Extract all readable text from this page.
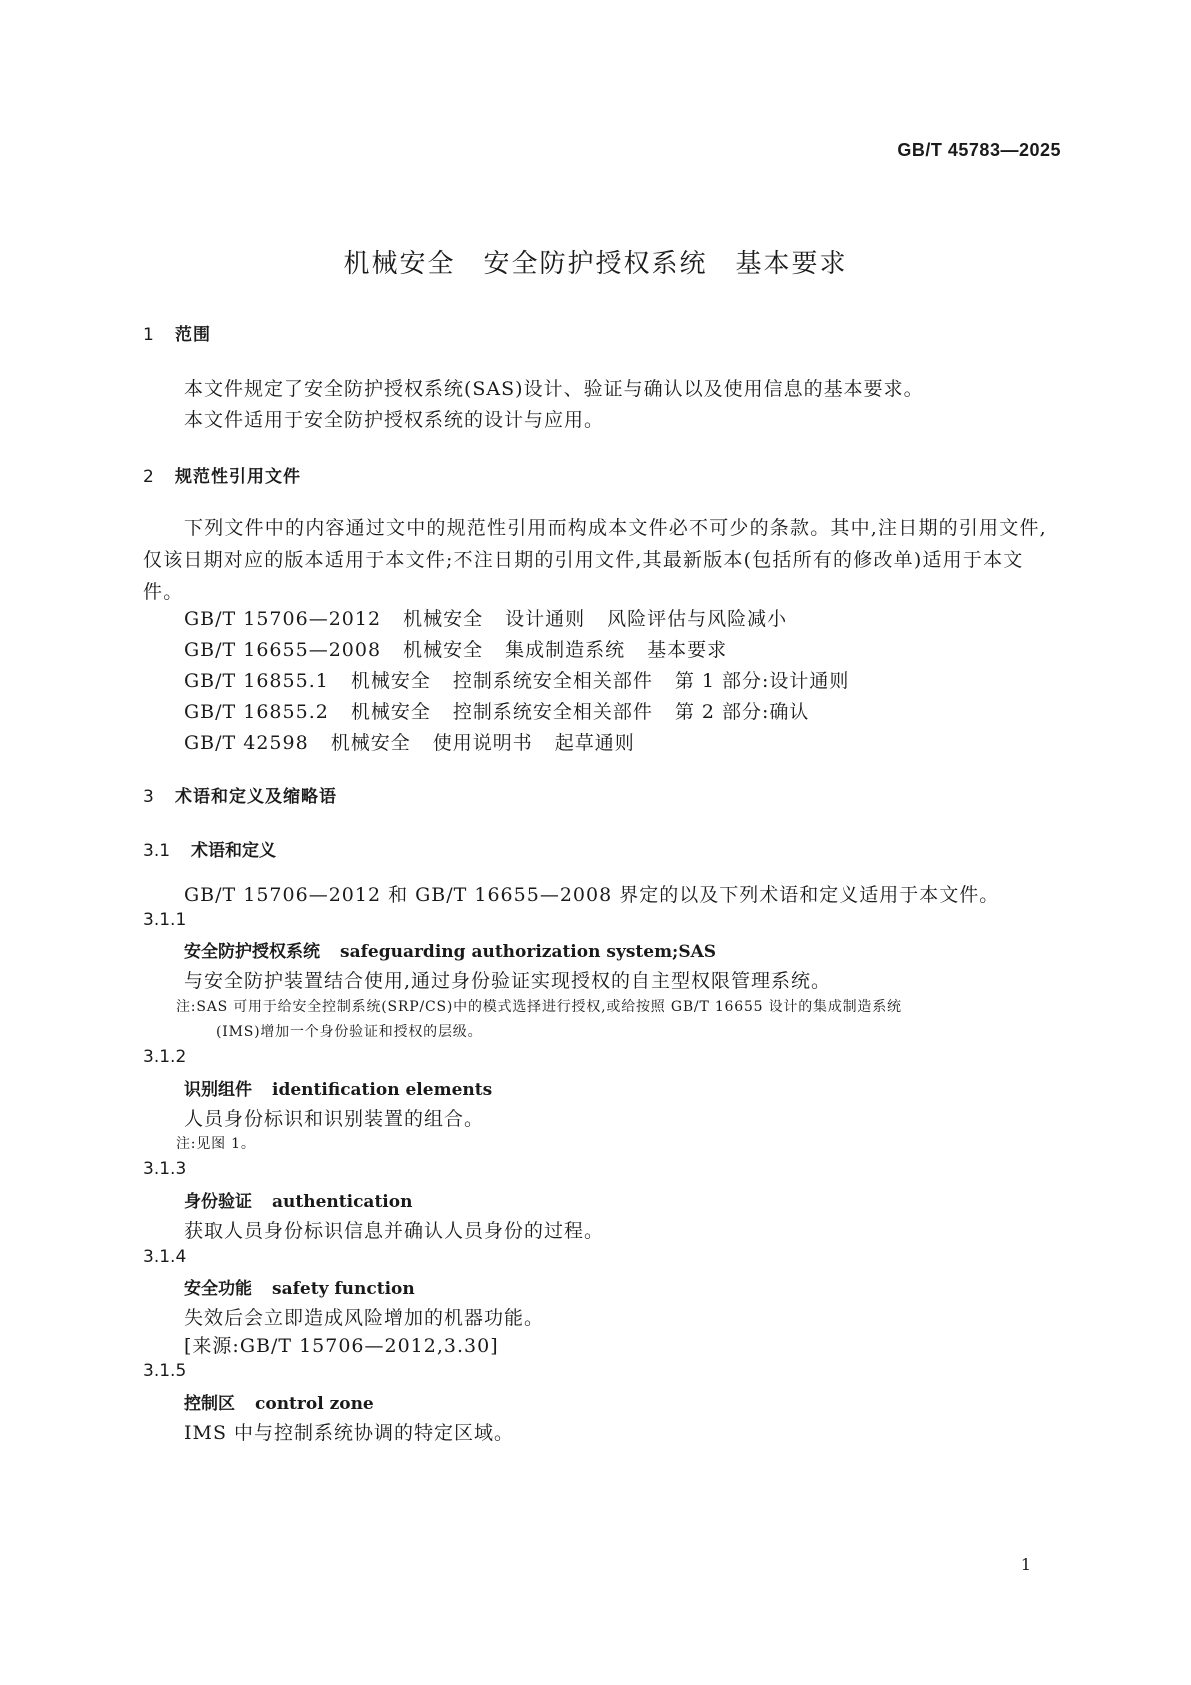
GB/T 45783—2025
机械安全 安全防护授权系统 基本要求
1 范围
本文件规定了安全防护授权系统(SAS)设计、验证与确认以及使用信息的基本要求。
本文件适用于安全防护授权系统的设计与应用。
2 规范性引用文件
下列文件中的内容通过文中的规范性引用而构成本文件必不可少的条款。其中,注日期的引用文件,仅该日期对应的版本适用于本文件;不注日期的引用文件,其最新版本(包括所有的修改单)适用于本文件。
GB/T 15706—2012 机械安全 设计通则 风险评估与风险减小
GB/T 16655—2008 机械安全 集成制造系统 基本要求
GB/T 16855.1 机械安全 控制系统安全相关部件 第 1 部分:设计通则
GB/T 16855.2 机械安全 控制系统安全相关部件 第 2 部分:确认
GB/T 42598 机械安全 使用说明书 起草通则
3 术语和定义及缩略语
3.1 术语和定义
GB/T 15706—2012 和 GB/T 16655—2008 界定的以及下列术语和定义适用于本文件。
3.1.1
安全防护授权系统 safeguarding authorization system;SAS
与安全防护装置结合使用,通过身份验证实现授权的自主型权限管理系统。
注:SAS 可用于给安全控制系统(SRP/CS)中的模式选择进行授权,或给按照 GB/T 16655 设计的集成制造系统
(IMS)增加一个身份验证和授权的层级。
3.1.2
识别组件 identification elements
人员身份标识和识别装置的组合。
注:见图 1。
3.1.3
身份验证 authentication
获取人员身份标识信息并确认人员身份的过程。
3.1.4
安全功能 safety function
失效后会立即造成风险增加的机器功能。
[来源:GB/T 15706—2012,3.30]
3.1.5
控制区 control zone
IMS 中与控制系统协调的特定区域。
1
